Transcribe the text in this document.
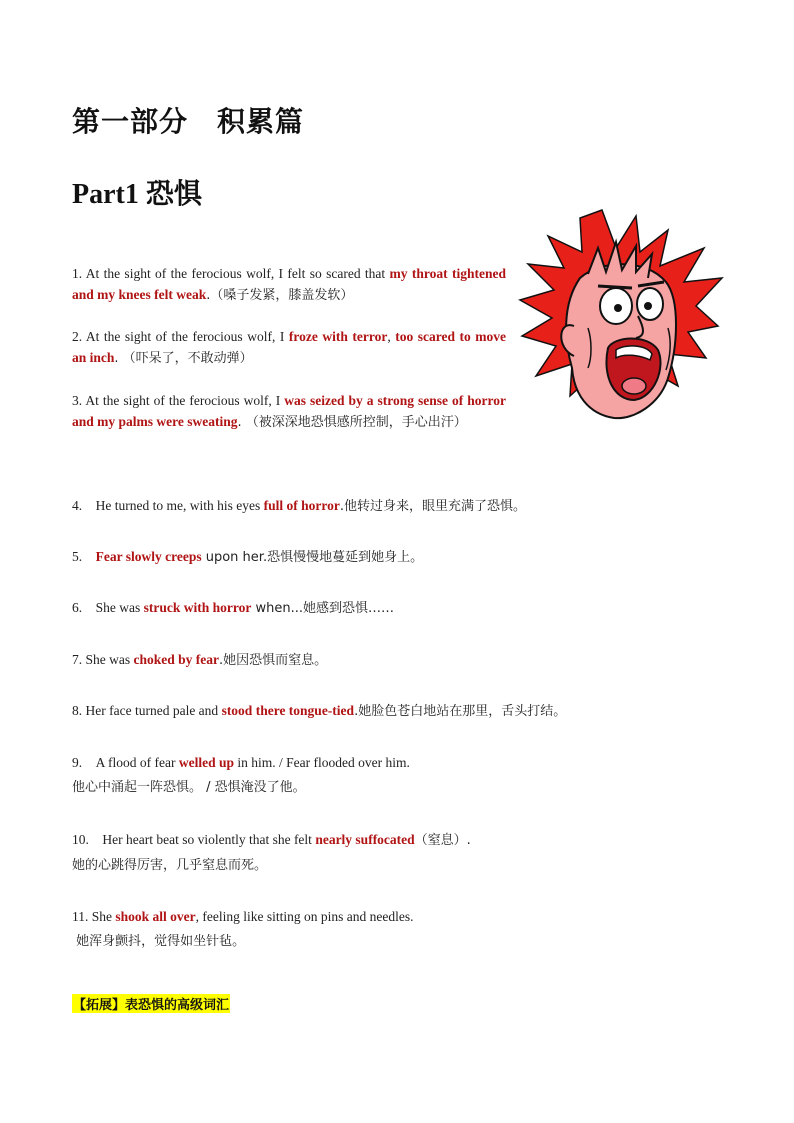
第一部分　积累篇
Part1 恐惧
1. At the sight of the ferocious wolf, I felt so scared that my throat tightened and my knees felt weak.（嗓子发紧，膝盖发软）
2. At the sight of the ferocious wolf, I froze with terror, too scared to move an inch. （吓呆了，不敢动弹）
3. At the sight of the ferocious wolf, I was seized by a strong sense of horror and my palms were sweating. （被深深地恐惧感所控制，手心出汗）
4.　He turned to me, with his eyes full of horror.他转过身来，眼里充满了恐惧。
5.　Fear slowly creeps upon her.恐惧慢慢地蔓延到她身上。
6.　She was struck with horror when...她感到恐惧……
7. She was choked by fear.她因恐惧而窒息。
8. Her face turned pale and stood there tongue-tied.她脸色苍白地站在那里，舌头打结。
9.　A flood of fear welled up in him. / Fear flooded over him.
他心中涌起一阵恐惧。 / 恐惧淹没了他。
10.　Her heart beat so violently that she felt nearly suffocated（窒息）.
她的心跳得厉害，几乎窒息而死。
11. She shook all over, feeling like sitting on pins and needles.
她浑身颤抖，觉得如坐针毡。
【拓展】表恐惧的高级词汇
